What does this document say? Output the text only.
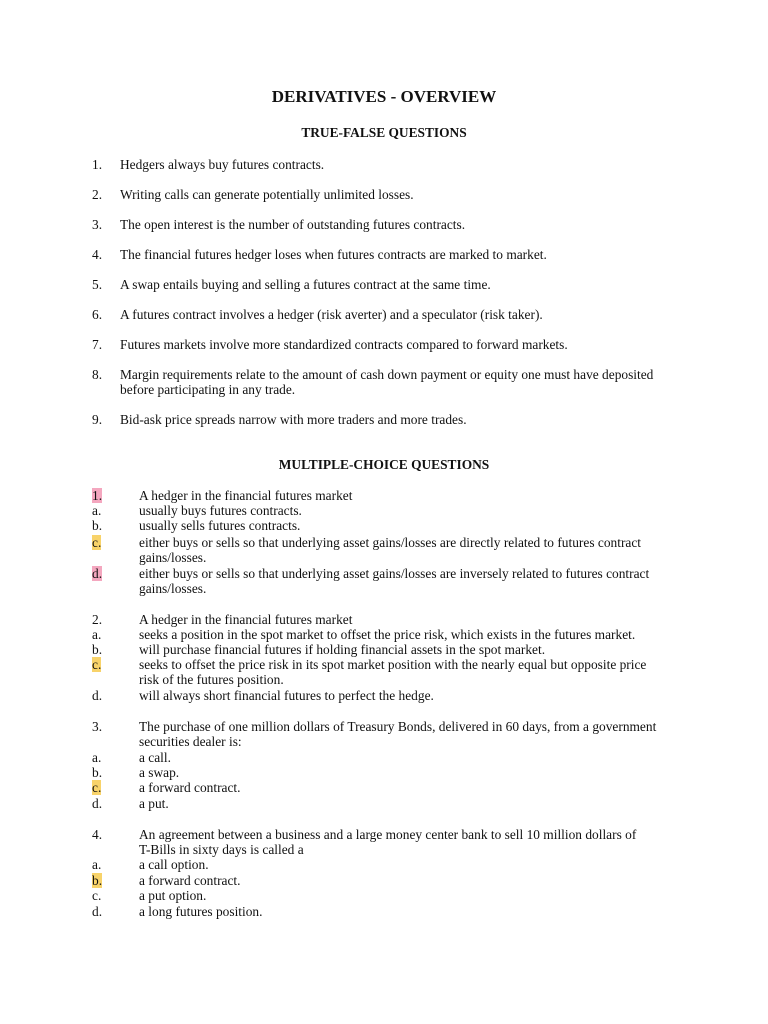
DERIVATIVES - OVERVIEW
TRUE-FALSE QUESTIONS
1. Hedgers always buy futures contracts.
2. Writing calls can generate potentially unlimited losses.
3. The open interest is the number of outstanding futures contracts.
4. The financial futures hedger loses when futures contracts are marked to market.
5. A swap entails buying and selling a futures contract at the same time.
6. A futures contract involves a hedger (risk averter) and a speculator (risk taker).
7. Futures markets involve more standardized contracts compared to forward markets.
8. Margin requirements relate to the amount of cash down payment or equity one must have deposited
before participating in any trade.
9. Bid-ask price spreads narrow with more traders and more trades.
MULTIPLE-CHOICE QUESTIONS
1.	A hedger in the financial futures market
a.	usually buys futures contracts.
b.	usually sells futures contracts.
c.	either buys or sells so that underlying asset gains/losses are directly related to futures contract
gains/losses.
d.	either buys or sells so that underlying asset gains/losses are inversely related to futures contract
gains/losses.
2.	A hedger in the financial futures market
a.	seeks a position in the spot market to offset the price risk, which exists in the futures market.
b.	will purchase financial futures if holding financial assets in the spot market.
c.	seeks to offset the price risk in its spot market position with the nearly equal but opposite price
risk of the futures position.
d.	will always short financial futures to perfect the hedge.
3.	The purchase of one million dollars of Treasury Bonds, delivered in 60 days, from a government
securities dealer is:
a.	a call.
b.	a swap.
c.	a forward contract.
d.	a put.
4.	An agreement between a business and a large money center bank to sell 10 million dollars of
T-Bills in sixty days is called a
a.	a call option.
b.	a forward contract.
c.	a put option.
d.	a long futures position.
